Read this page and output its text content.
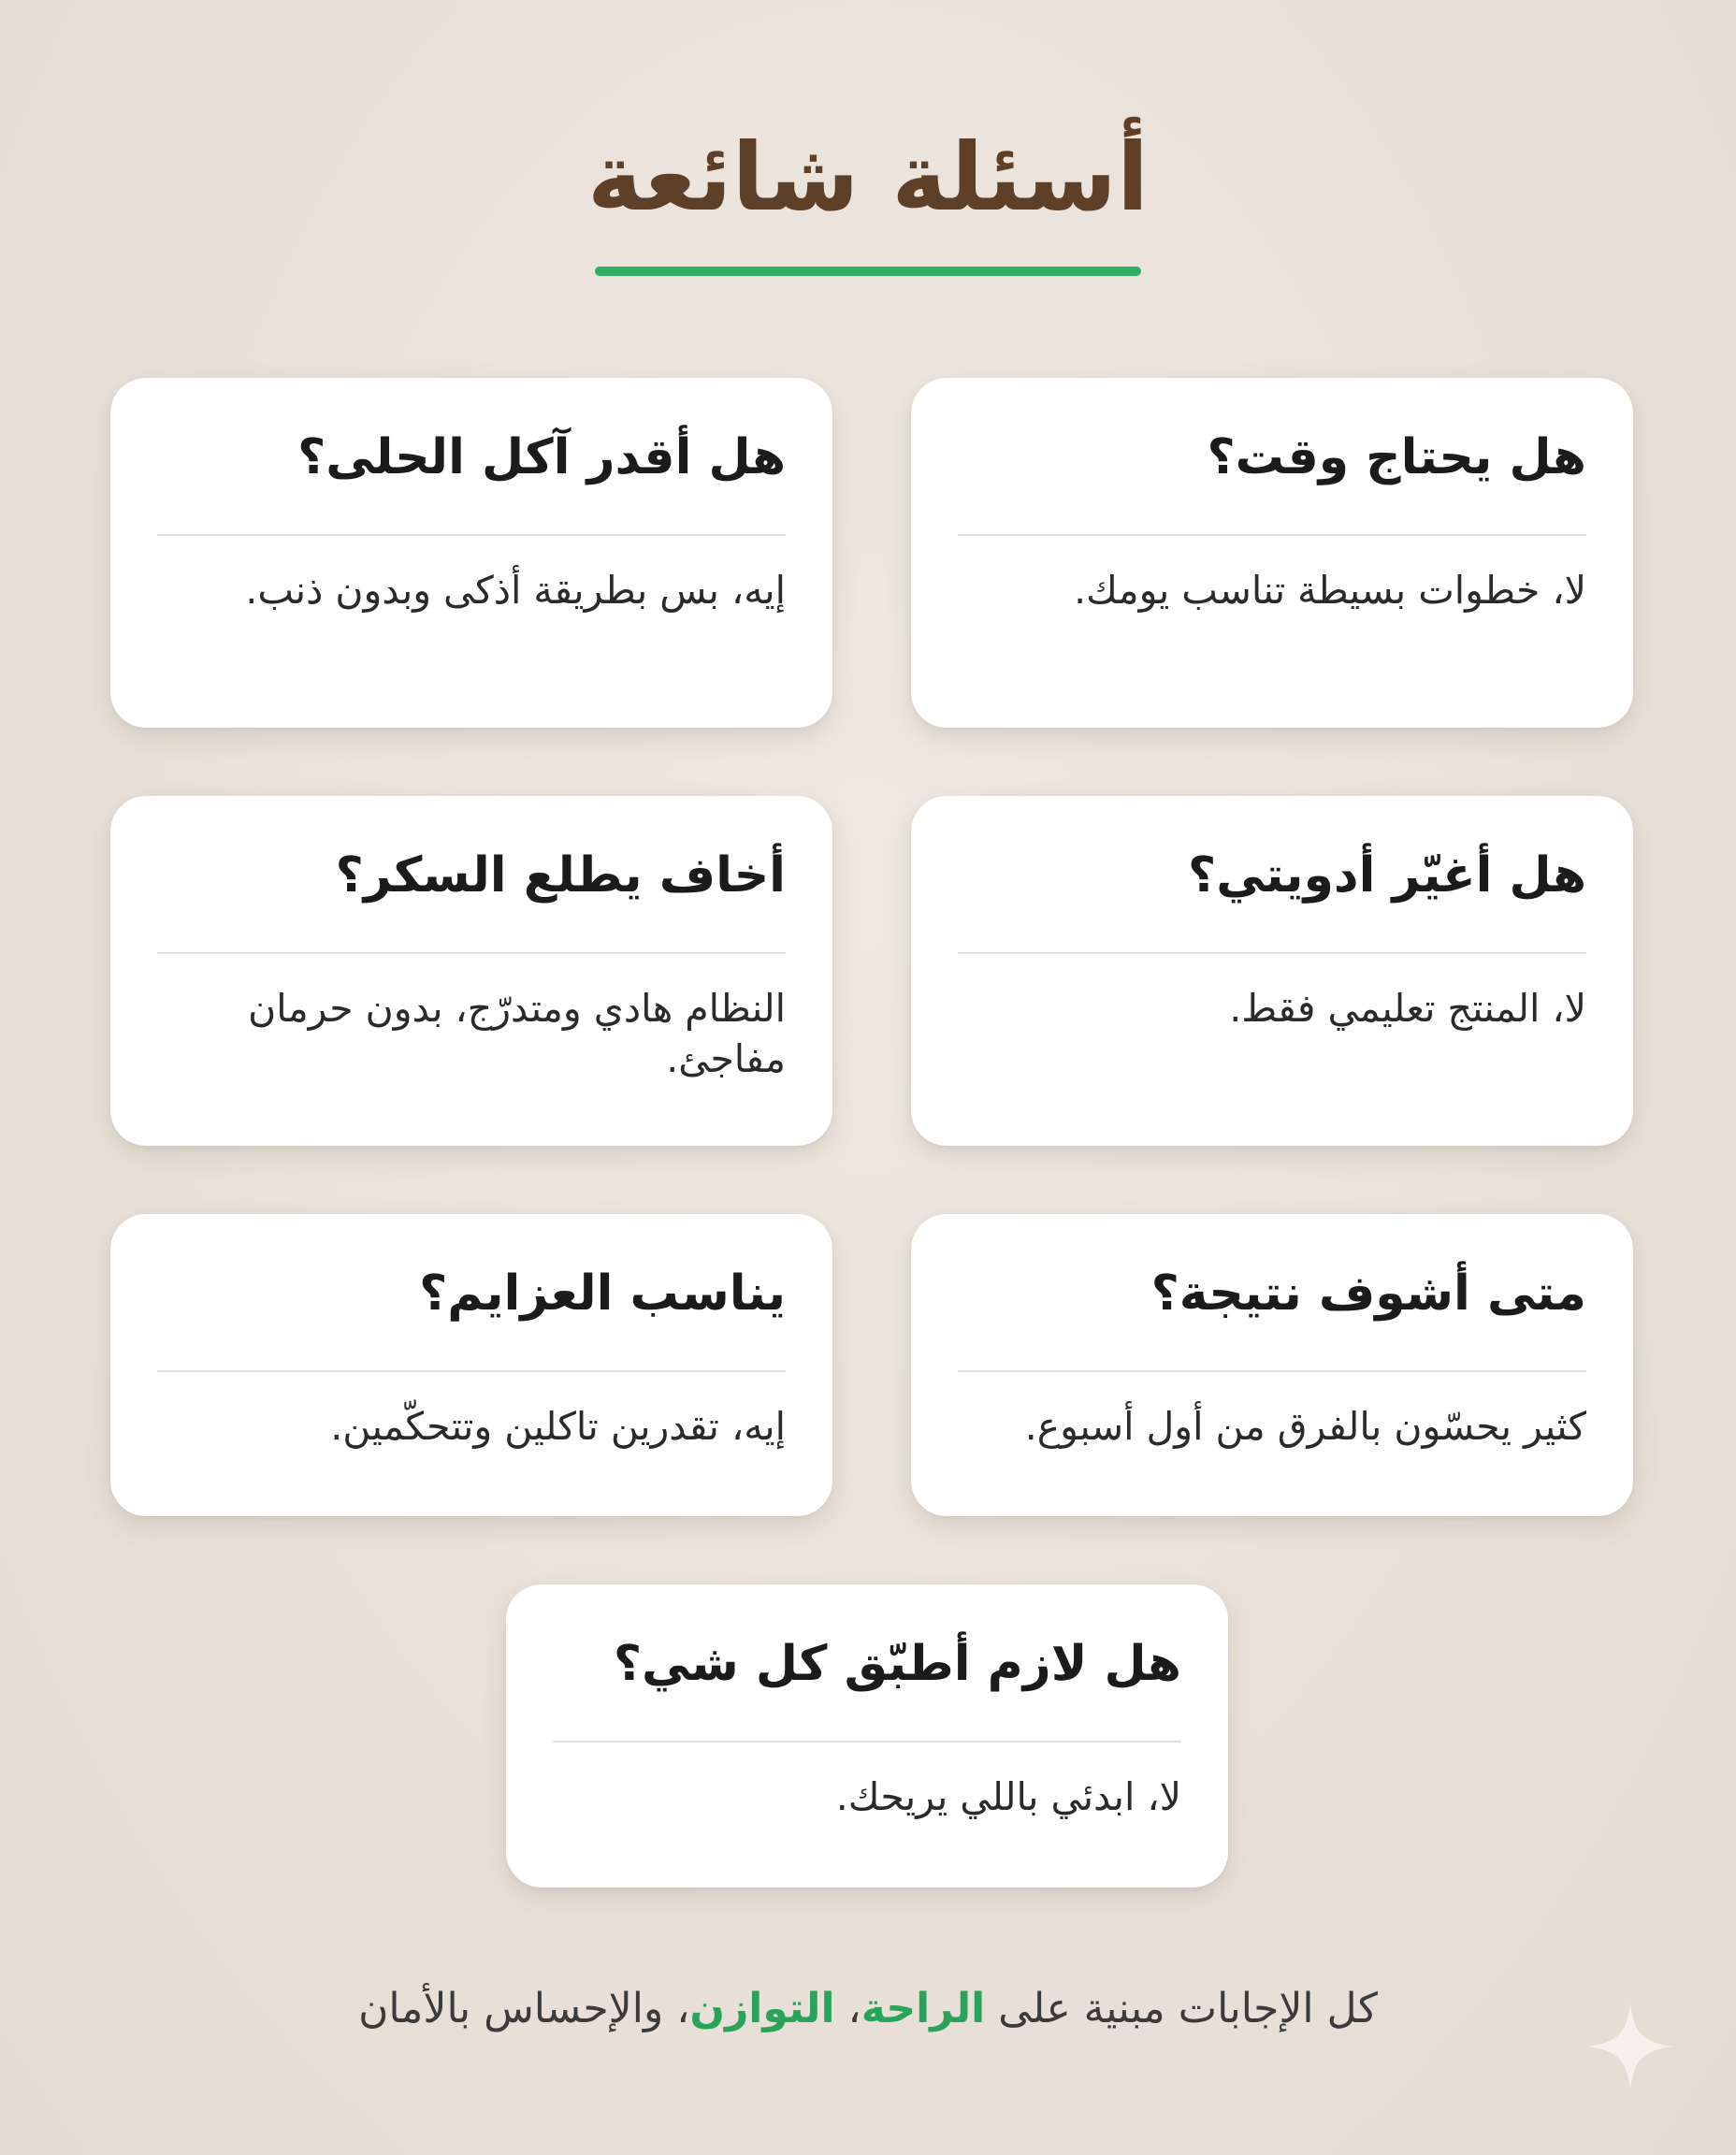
أسئلة شائعة
هل يحتاج وقت؟
لا، خطوات بسيطة تناسب يومك.
هل أقدر آكل الحلى؟
إيه، بس بطريقة أذكى وبدون ذنب.
هل أغيّر أدويتي؟
لا، المنتج تعليمي فقط.
أخاف يطلع السكر؟
النظام هادي ومتدرّج، بدون حرمان مفاجئ.
متى أشوف نتيجة؟
كثير يحسّون بالفرق من أول أسبوع.
يناسب العزايم؟
إيه، تقدرين تاكلين وتتحكّمين.
هل لازم أطبّق كل شي؟
لا، ابدئي باللي يريحك.
كل الإجابات مبنية على الراحة، التوازن، والإحساس بالأمان
